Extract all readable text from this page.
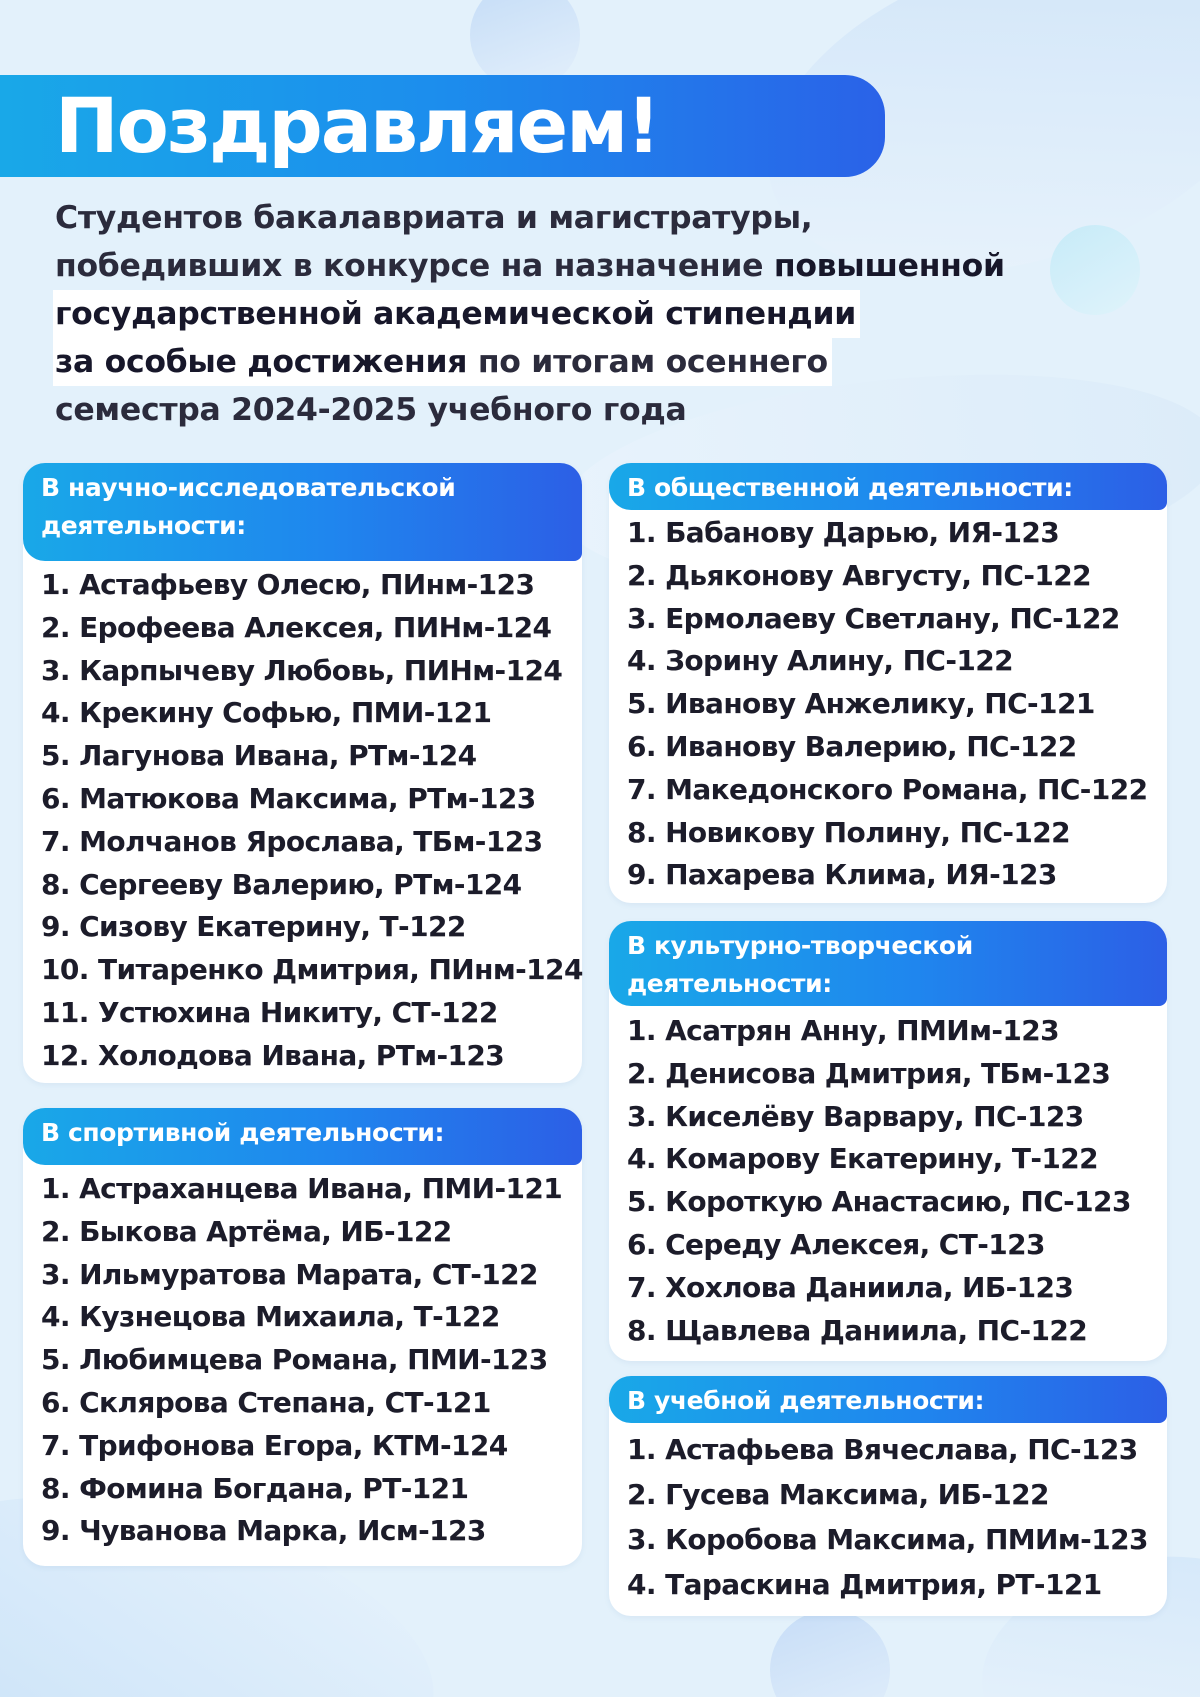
Поздравляем!
Студентов бакалавриата и магистратуры,
победивших в конкурсе на назначение повышенной
государственной академической стипендии
за особые достижения по итогам осеннего
семестра 2024-2025 учебного года
В научно-исследовательской деятельности:
1. Астафьеву Олесю, ПИнм-123
2. Ерофеева Алексея, ПИНм-124
3. Карпычеву Любовь, ПИНм-124
4. Крекину Софью, ПМИ-121
5. Лагунова Ивана, РТм-124
6. Матюкова Максима, РТм-123
7. Молчанов Ярослава, ТБм-123
8. Сергееву Валерию, РТм-124
9. Сизову Екатерину, Т-122
10. Титаренко Дмитрия, ПИнм-124
11. Устюхина Никиту, СТ-122
12. Холодова Ивана, РТм-123
В спортивной деятельности:
1. Астраханцева Ивана, ПМИ-121
2. Быкова Артёма, ИБ-122
3. Ильмуратова Марата, СТ-122
4. Кузнецова Михаила, Т-122
5. Любимцева Романа, ПМИ-123
6. Склярова Степана, СТ-121
7. Трифонова Егора, КТМ-124
8. Фомина Богдана, РТ-121
9. Чуванова Марка, Исм-123
В общественной деятельности:
1. Бабанову Дарью, ИЯ-123
2. Дьяконову Августу, ПС-122
3. Ермолаеву Светлану, ПС-122
4. Зорину Алину, ПС-122
5. Иванову Анжелику, ПС-121
6. Иванову Валерию, ПС-122
7. Македонского Романа, ПС-122
8. Новикову Полину, ПС-122
9. Пахарева Клима, ИЯ-123
В культурно-творческой деятельности:
1. Асатрян Анну, ПМИм-123
2. Денисова Дмитрия, ТБм-123
3. Киселёву Варвару, ПС-123
4. Комарову Екатерину, Т-122
5. Короткую Анастасию, ПС-123
6. Середу Алексея, СТ-123
7. Хохлова Даниила, ИБ-123
8. Щавлева Даниила, ПС-122
В учебной деятельности:
1. Астафьева Вячеслава, ПС-123
2. Гусева Максима, ИБ-122
3. Коробова Максима, ПМИм-123
4. Тараскина Дмитрия, РТ-121
